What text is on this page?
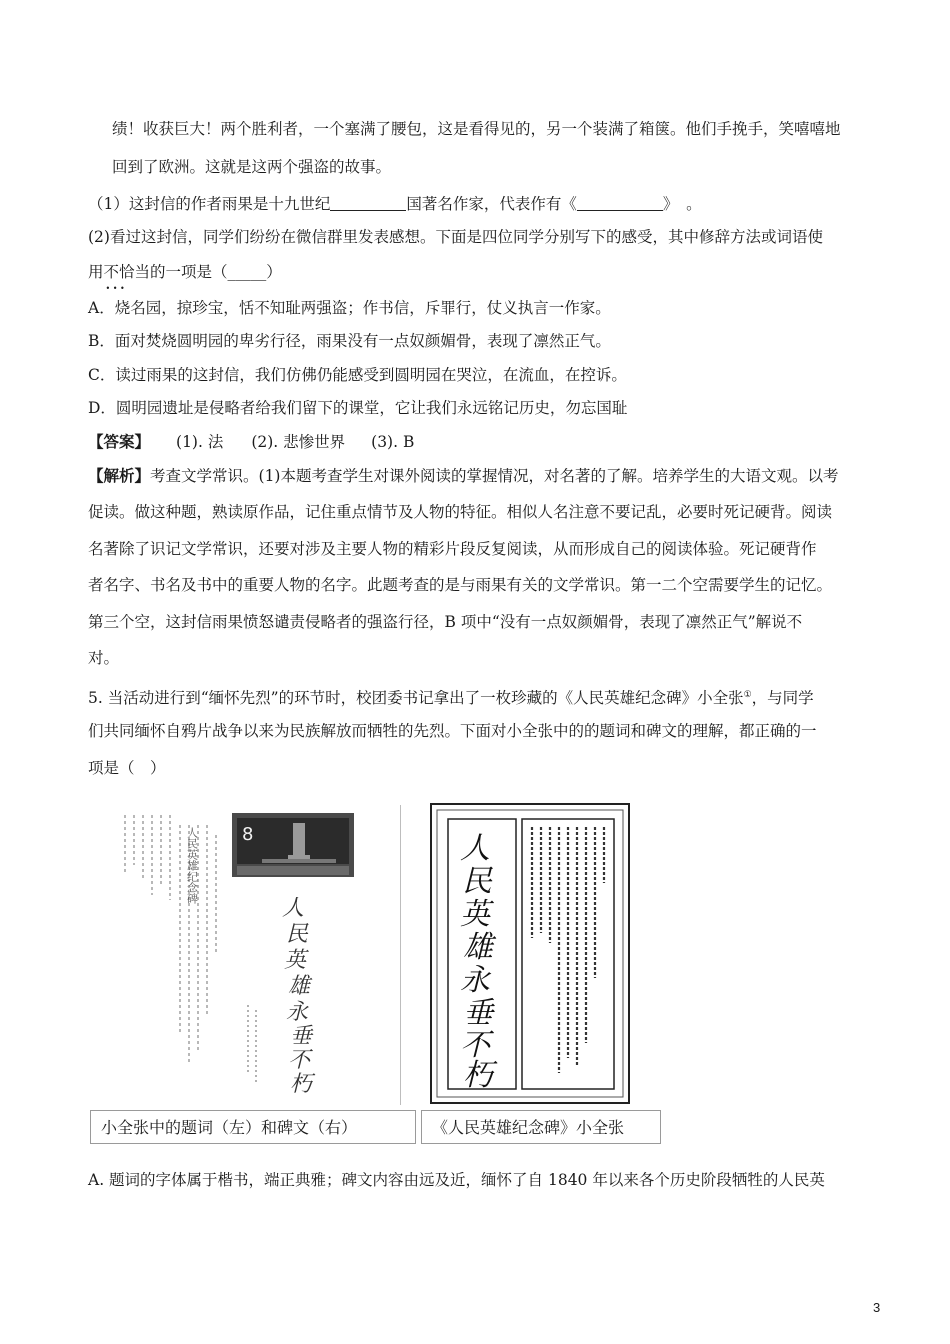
绩！收获巨大！两个胜利者，一个塞满了腰包，这是看得见的，另一个装满了箱箧。他们手挽手，笑嘻嘻地
回到了欧洲。这就是这两个强盗的故事。
（1）这封信的作者雨果是十九世纪	国著名作家，代表作有《	》　。
(2)看过这封信，同学们纷纷在微信群里发表感想。下面是四位同学分别写下的感受，其中修辞方法或词语使
用不恰当 • • •的一项是（_____）
A．烧名园，掠珍宝，恬不知耻两强盗；作书信，斥罪行，仗义执言一作家。
B．面对焚烧圆明园的卑劣行径，雨果没有一点奴颜媚骨，表现了凛然正气。
C．读过雨果的这封信，我们仿佛仍能感受到圆明园在哭泣，在流血，在控诉。
D．圆明园遗址是侵略者给我们留下的课堂，它让我们永远铭记历史，勿忘国耻
【答案】 (1). 法 (2). 悲惨世界 (3). B
【解析】考查文学常识。(1)本题考查学生对课外阅读的掌握情况，对名著的了解。培养学生的大语文观。以考
促读。做这种题，熟读原作品，记住重点情节及人物的特征。相似人名注意不要记乱，必要时死记硬背。阅读
名著除了识记文学常识，还要对涉及主要人物的精彩片段反复阅读，从而形成自己的阅读体验。死记硬背作
者名字、书名及书中的重要人物的名字。此题考查的是与雨果有关的文学常识。第一二个空需要学生的记忆。
第三个空，这封信雨果愤怒谴责侵略者的强盗行径，B 项中“没有一点奴颜媚骨，表现了凛然正气”解说不
对。
5. 当活动进行到“缅怀先烈”的环节时，校团委书记拿出了一枚珍藏的《人民英雄纪念碑》小全张①，与同学
们共同缅怀自鸦片战争以来为民族解放而牺牲的先烈。下面对小全张中的的题词和碑文的理解，都正确的一
项是（　）
8
人民英雄纪念碑
人
民
英
雄
永
垂
不
朽
人
民
英
雄
永
垂
不
朽
小全张中的题词（左）和碑文（右）	《人民英雄纪念碑》小全张
A. 题词的字体属于楷书，端正典雅；碑文内容由远及近，缅怀了自 1840 年以来各个历史阶段牺牲的人民英
3
